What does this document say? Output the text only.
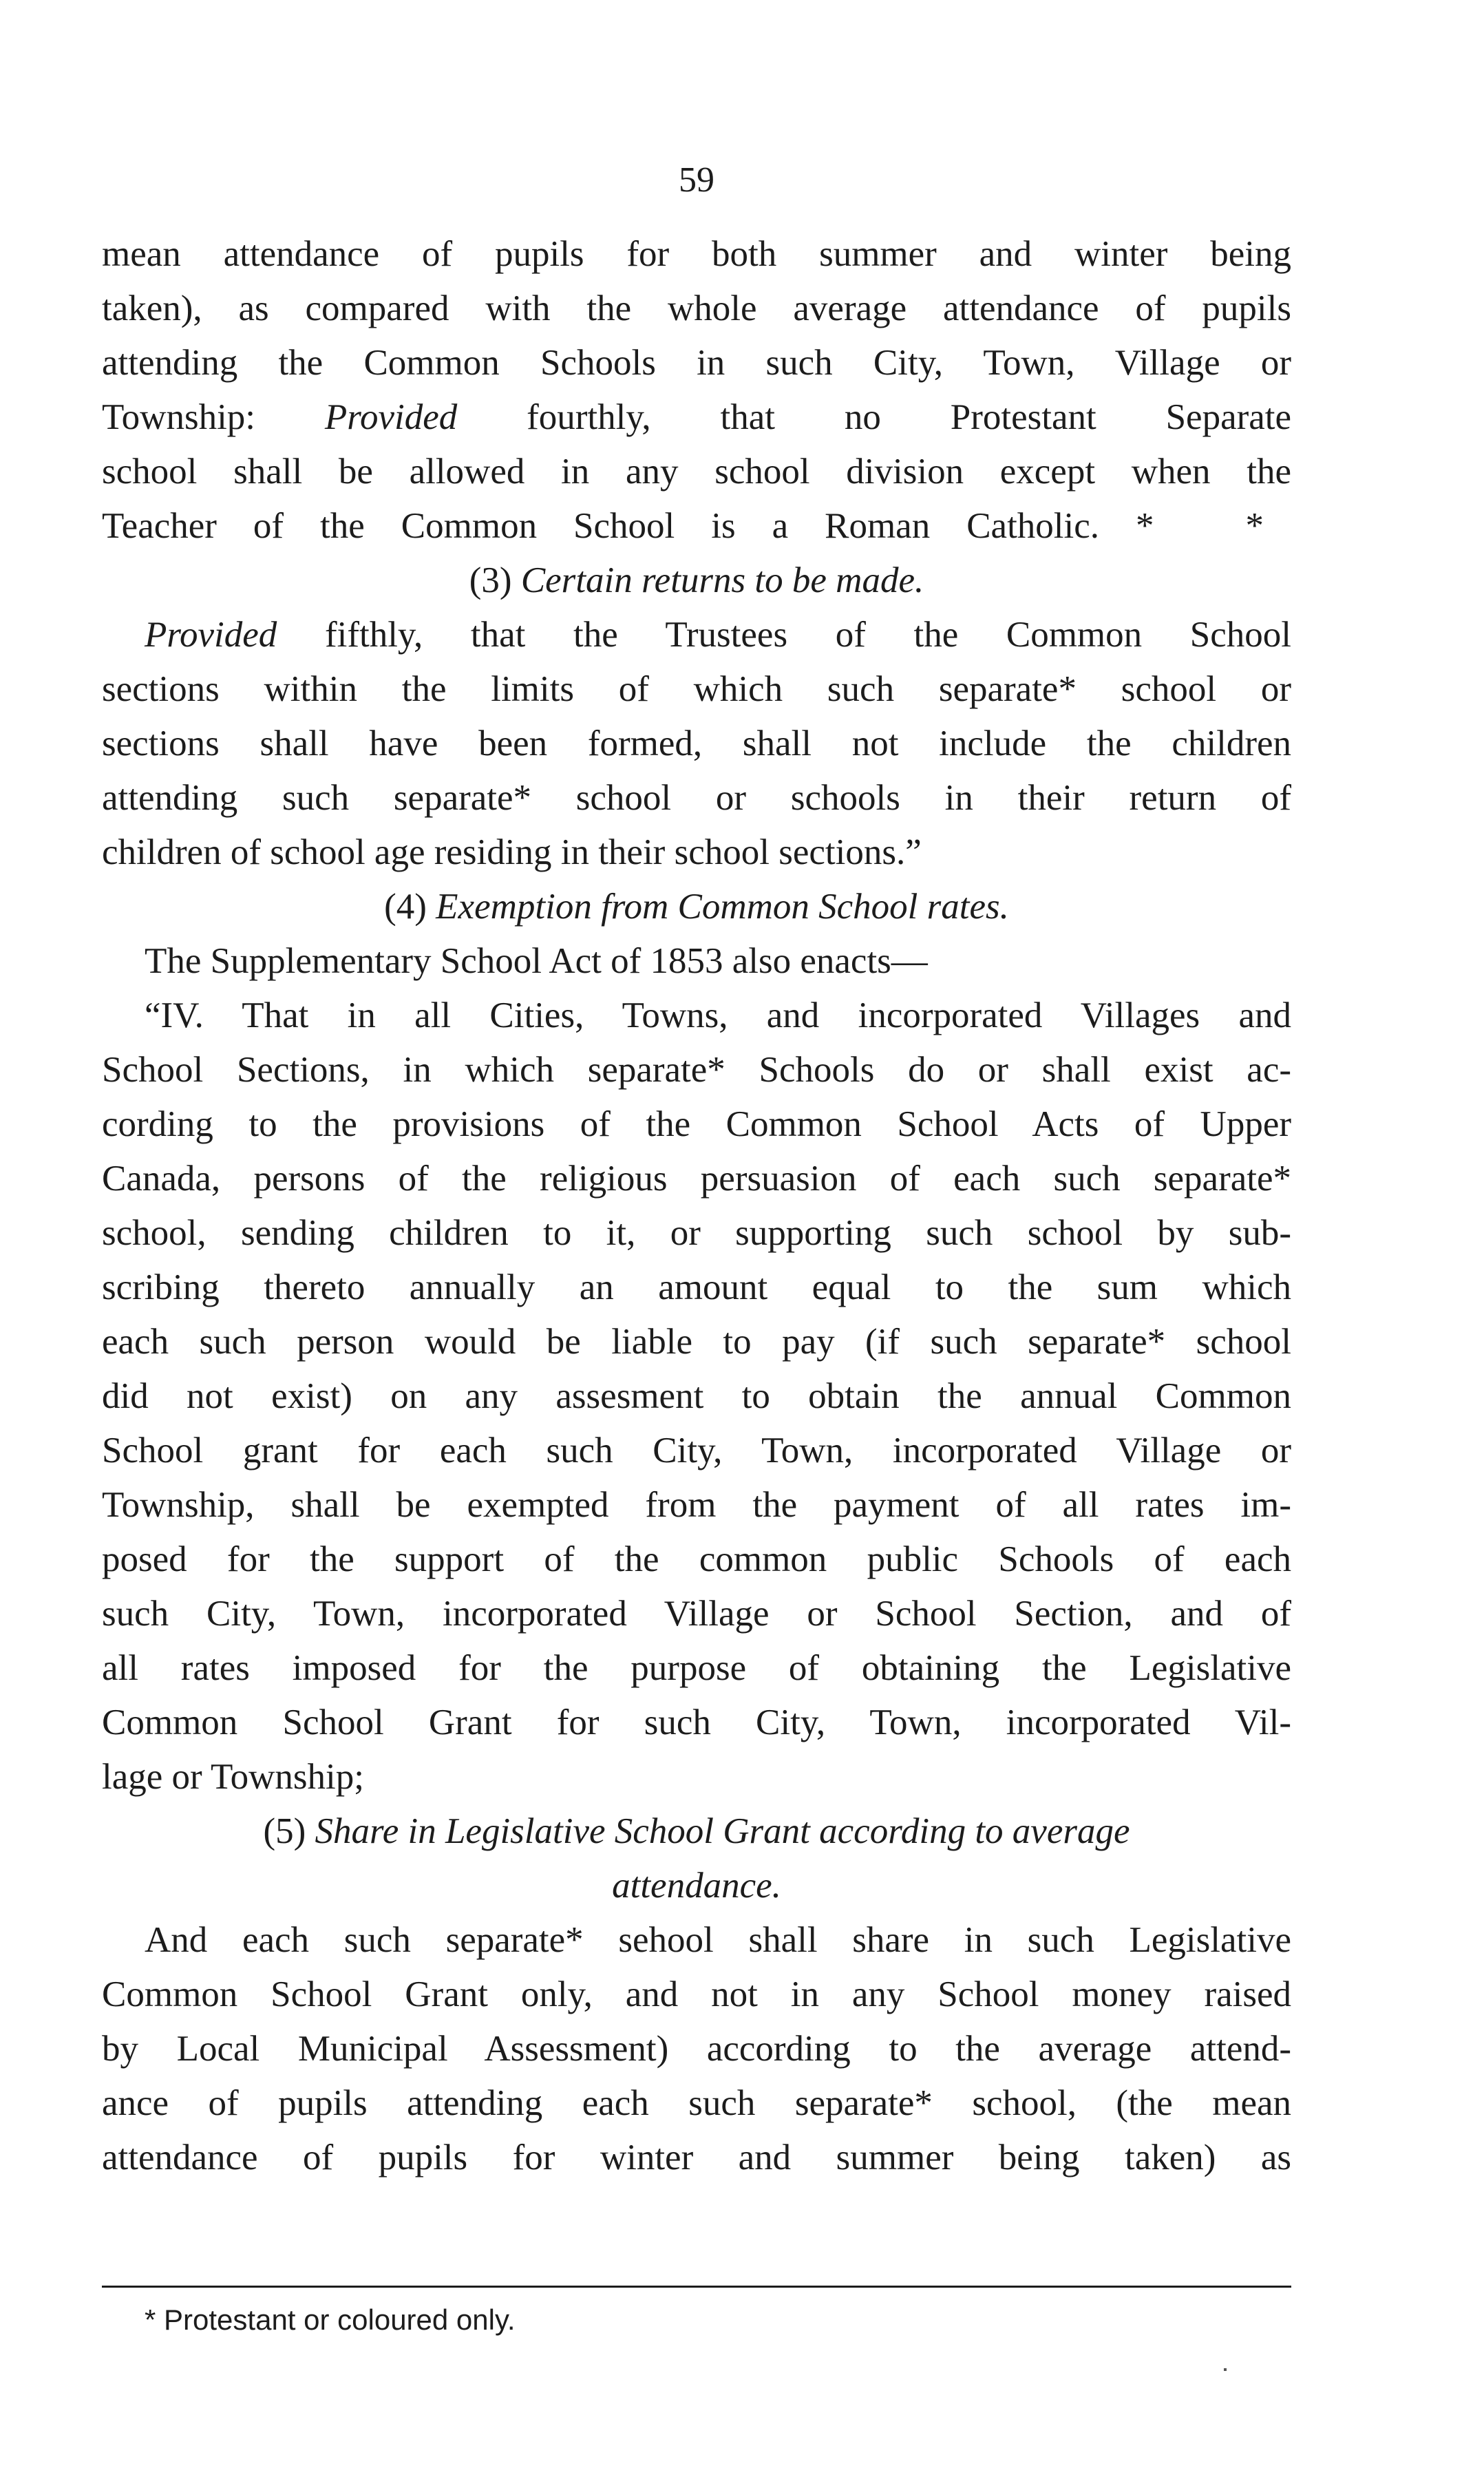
59
mean attendance of pupils for both summer and winter being
taken), as compared with the whole average attendance of pupils
attending the Common Schools in such City, Town, Village or
Township: Provided fourthly, that no Protestant Separate
school shall be allowed in any school division except when the
Teacher of the Common School is a Roman Catholic. * *
(3) Certain returns to be made.
Provided fifthly, that the Trustees of the Common School
sections within the limits of which such separate* school or
sections shall have been formed, shall not include the children
attending such separate* school or schools in their return of
children of school age residing in their school sections.”
(4) Exemption from Common School rates.
The Supplementary School Act of 1853 also enacts—
“IV. That in all Cities, Towns, and incorporated Villages and
School Sections, in which separate* Schools do or shall exist ac-
cording to the provisions of the Common School Acts of Upper
Canada, persons of the religious persuasion of each such separate*
school, sending children to it, or supporting such school by sub-
scribing thereto annually an amount equal to the sum which
each such person would be liable to pay (if such separate* school
did not exist) on any assesment to obtain the annual Common
School grant for each such City, Town, incorporated Village or
Township, shall be exempted from the payment of all rates im-
posed for the support of the common public Schools of each
such City, Town, incorporated Village or School Section, and of
all rates imposed for the purpose of obtaining the Legislative
Common School Grant for such City, Town, incorporated Vil-
lage or Township;
(5) Share in Legislative School Grant according to average
attendance.
And each such separate* sehool shall share in such Legislative
Common School Grant only, and not in any School money raised
by Local Municipal Assessment) according to the average attend-
ance of pupils attending each such separate* school, (the mean
attendance of pupils for winter and summer being taken) as
* Protestant or coloured only.
